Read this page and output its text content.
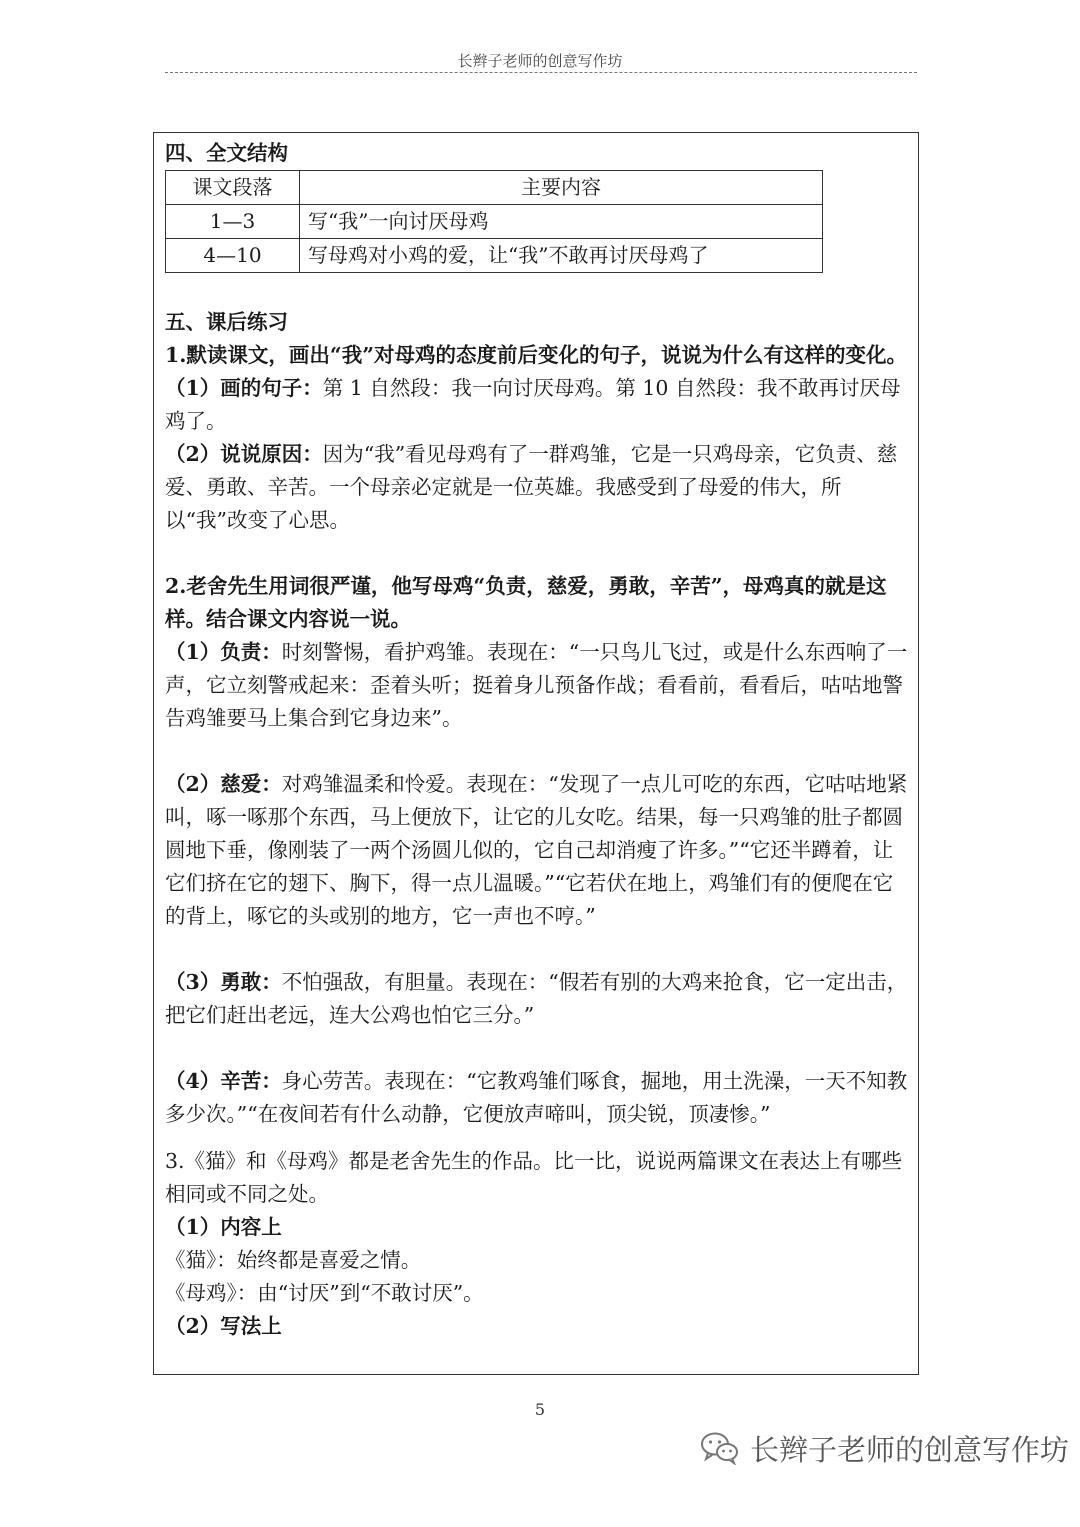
长辫子老师的创意写作坊

四、全文结构

课文段落	主要内容
1—3	写“我”一向讨厌母鸡
4—10	写母鸡对小鸡的爱，让“我”不敢再讨厌母鸡了

五、课后练习

1.默读课文，画出“我”对母鸡的态度前后变化的句子，说说为什么有这样的变化。

（1）画的句子：第 1 自然段：我一向讨厌母鸡。第 10 自然段：我不敢再讨厌母鸡了。

（2）说说原因：因为“我”看见母鸡有了一群鸡雏，它是一只鸡母亲，它负责、慈爱、勇敢、辛苦。一个母亲必定就是一位英雄。我感受到了母爱的伟大，所以“我”改变了心思。

2.老舍先生用词很严谨，他写母鸡“负责，慈爱，勇敢，辛苦”，母鸡真的就是这样。结合课文内容说一说。

（1）负责：时刻警惕，看护鸡雏。表现在：“一只鸟儿飞过，或是什么东西响了一声，它立刻警戒起来：歪着头听；挺着身儿预备作战；看看前，看看后，咕咕地警告鸡雏要马上集合到它身边来”。

（2）慈爱：对鸡雏温柔和怜爱。表现在：“发现了一点儿可吃的东西，它咕咕地紧叫，啄一啄那个东西，马上便放下，让它的儿女吃。结果，每一只鸡雏的肚子都圆圆地下垂，像刚装了一两个汤圆儿似的，它自己却消瘦了许多。”“它还半蹲着，让它们挤在它的翅下、胸下，得一点儿温暖。”“它若伏在地上，鸡雏们有的便爬在它的背上，啄它的头或别的地方，它一声也不哼。”

（3）勇敢：不怕强敌，有胆量。表现在：“假若有别的大鸡来抢食，它一定出击，把它们赶出老远，连大公鸡也怕它三分。”

（4）辛苦：身心劳苦。表现在：“它教鸡雏们啄食，掘地，用土洗澡，一天不知教多少次。”“在夜间若有什么动静，它便放声啼叫，顶尖锐，顶凄惨。”

3.《猫》和《母鸡》都是老舍先生的作品。比一比，说说两篇课文在表达上有哪些相同或不同之处。

（1）内容上

《猫》：始终都是喜爱之情。

《母鸡》：由“讨厌”到“不敢讨厌”。

（2）写法上

5
长辫子老师的创意写作坊
